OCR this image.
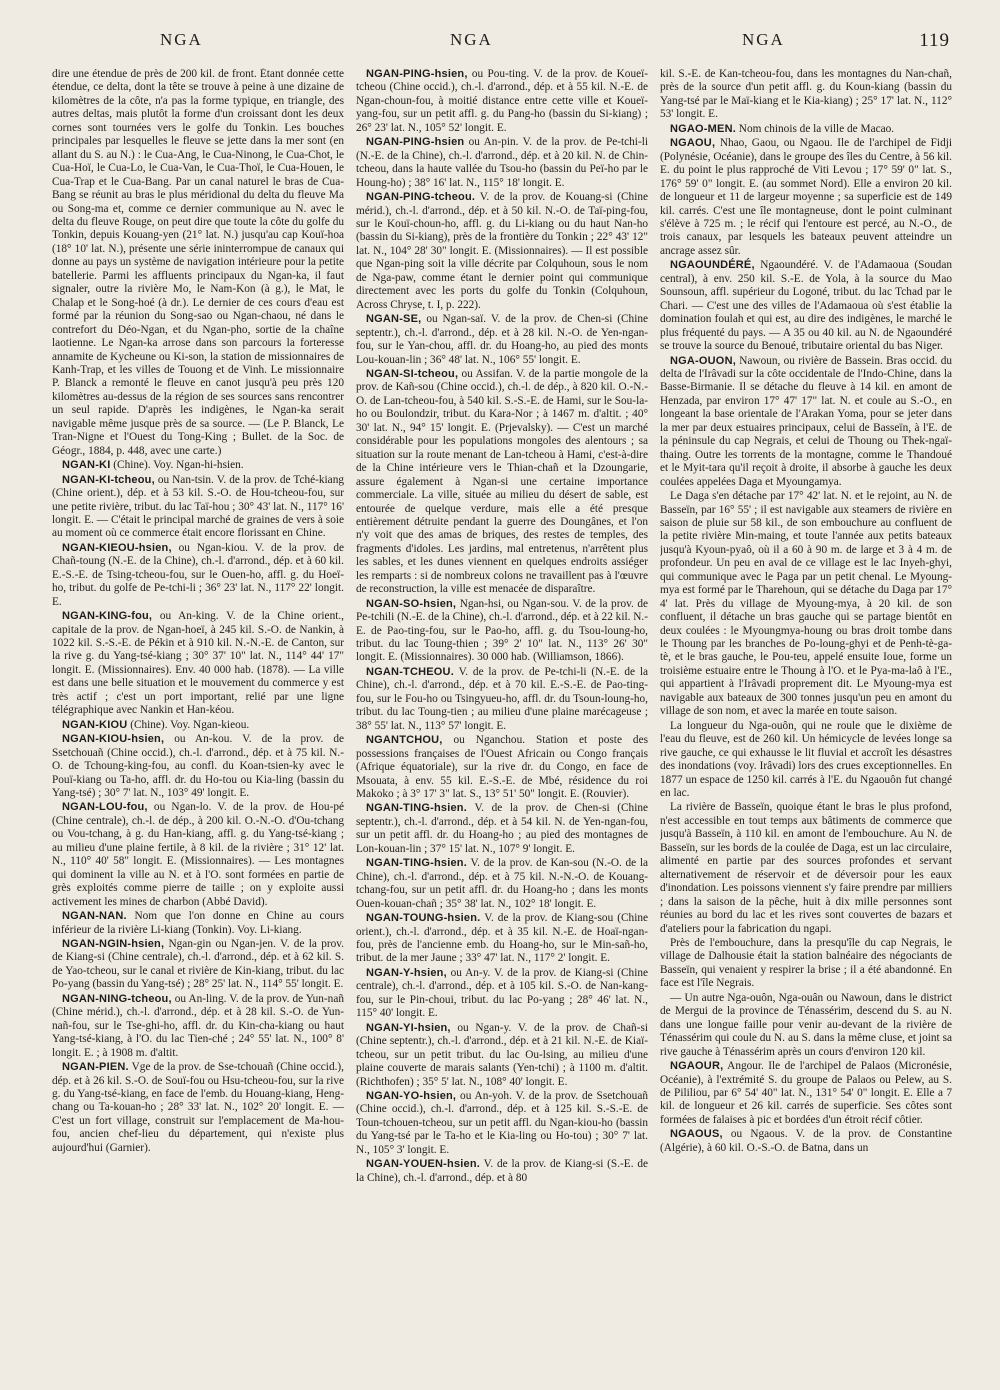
NGA	NGA	NGA	119

dire une étendue de près de 200 kil. de front. Étant donnée cette étendue, ce delta, dont la tête se trouve à peine à une dizaine de kilomètres de la côte, n'a pas la forme typique, en triangle, des autres deltas, mais plutôt la forme d'un croissant dont les deux cornes sont tournées vers le golfe du Tonkin. Les bouches principales par lesquelles le fleuve se jette dans la mer sont (en allant du S. au N.) : le Cua-Ang, le Cua-Ninong, le Cua-Chot, le Cua-Hoï, le Cua-Lo, le Cua-Van, le Cua-Thoï, le Cua-Houen, le Cua-Trap et le Cua-Bang. Par un canal naturel le bras de Cua-Bang se réunit au bras le plus méridional du delta du fleuve Ma ou Song-ma et, comme ce dernier communique au N. avec le delta du fleuve Rouge, on peut dire que toute la côte du golfe du Tonkin, depuis Kouang-yen (21° lat. N.) jusqu'au cap Kouï-hoa (18° 10' lat. N.), présente une série ininterrompue de canaux qui donne au pays un système de navigation intérieure pour la petite batellerie. Parmi les affluents principaux du Ngan-ka, il faut signaler, outre la rivière Mo, le Nam-Kon (à g.), le Mat, le Chalap et le Song-hoé (à dr.). Le dernier de ces cours d'eau est formé par la réunion du Song-sao ou Ngan-chaou, né dans le contrefort du Déo-Ngan, et du Ngan-pho, sortie de la chaîne laotienne. Le Ngan-ka arrose dans son parcours la forteresse annamite de Kycheune ou Ki-son, la station de missionnaires de Kanh-Trap, et les villes de Touong et de Vinh. Le missionnaire P. Blanck a remonté le fleuve en canot jusqu'à peu près 120 kilomètres au-dessus de la région de ses sources sans rencontrer un seul rapide. D'après les indigènes, le Ngan-ka serait navigable même jusque près de sa source. — (Le P. Blanck, Le Tran-Nigne et l'Ouest du Tong-King ; Bullet. de la Soc. de Géogr., 1884, p. 448, avec une carte.)

NGAN-KI (Chine). Voy. Ngan-hi-hsien.

NGAN-KI-tcheou, ou Nan-tsin. V. de la prov. de Tché-kiang (Chine orient.), dép. et à 53 kil. S.-O. de Hou-tcheou-fou, sur une petite rivière, tribut. du lac Taï-hou ; 30° 43' lat. N., 117° 16' longit. E. — C'était le principal marché de graines de vers à soie au moment où ce commerce était encore florissant en Chine.

NGAN-KIEOU-hsien, ou Ngan-kiou. V. de la prov. de Chañ-toung (N.-E. de la Chine), ch.-l. d'arrond., dép. et à 60 kil. E.-S.-E. de Tsing-tcheou-fou, sur le Ouen-ho, affl. g. du Hoeï-ho, tribut. du golfe de Pe-tchi-li ; 36° 23' lat. N., 117° 22' longit. E.

NGAN-KING-fou, ou An-king. V. de la Chine orient., capitale de la prov. de Ngan-hoeï, à 245 kil. S.-O. de Nankin, à 1022 kil. S.-S.-E. de Pékin et à 910 kil. N.-N.-E. de Canton, sur la rive g. du Yang-tsé-kiang ; 30° 37' 10" lat. N., 114° 44' 17" longit. E. (Missionnaires). Env. 40 000 hab. (1878). — La ville est dans une belle situation et le mouvement du commerce y est très actif ; c'est un port important, relié par une ligne télégraphique avec Nankin et Han-kéou.

NGAN-KIOU (Chine). Voy. Ngan-kieou.

NGAN-KIOU-hsien, ou An-kou. V. de la prov. de Ssetchouañ (Chine occid.), ch.-l. d'arrond., dép. et à 75 kil. N.-O. de Tchoung-king-fou, au confl. du Koan-tsien-ky avec le Pouï-kiang ou Ta-ho, affl. dr. du Ho-tou ou Kia-ling (bassin du Yang-tsé) ; 30° 7' lat. N., 103° 49' longit. E.

NGAN-LOU-fou, ou Ngan-lo. V. de la prov. de Hou-pé (Chine centrale), ch.-l. de dép., à 200 kil. O.-N.-O. d'Ou-tchang ou Vou-tchang, à g. du Han-kiang, affl. g. du Yang-tsé-kiang ; au milieu d'une plaine fertile, à 8 kil. de la rivière ; 31° 12' lat. N., 110° 40' 58" longit. E. (Missionnaires). — Les montagnes qui dominent la ville au N. et à l'O. sont formées en partie de grès exploités comme pierre de taille ; on y exploite aussi activement les mines de charbon (Abbé David).

NGAN-NAN. Nom que l'on donne en Chine au cours inférieur de la rivière Li-kiang (Tonkin). Voy. Li-kiang.

NGAN-NGIN-hsien, Ngan-gin ou Ngan-jen. V. de la prov. de Kiang-si (Chine centrale), ch.-l. d'arrond., dép. et à 62 kil. S. de Yao-tcheou, sur le canal et rivière de Kin-kiang, tribut. du lac Po-yang (bassin du Yang-tsé) ; 28° 25' lat. N., 114° 55' longit. E.

NGAN-NING-tcheou, ou An-ling. V. de la prov. de Yun-nañ (Chine mérid.), ch.-l. d'arrond., dép. et à 28 kil. S.-O. de Yun-nañ-fou, sur le Tse-ghi-ho, affl. dr. du Kin-cha-kiang ou haut Yang-tsé-kiang, à l'O. du lac Tien-ché ; 24° 55' lat. N., 100° 8' longit. E. ; à 1908 m. d'altit.

NGAN-PIEN. Vge de la prov. de Sse-tchouañ (Chine occid.), dép. et à 26 kil. S.-O. de Souï-fou ou Hsu-tcheou-fou, sur la rive g. du Yang-tsé-kiang, en face de l'emb. du Houang-kiang, Heng-chang ou Ta-kouan-ho ; 28° 33' lat. N., 102° 20' longit. E. — C'est un fort village, construit sur l'emplacement de Ma-hou-fou, ancien chef-lieu du département, qui n'existe plus aujourd'hui (Garnier).

NGAN-PING-hsien, ou Pou-ting. V. de la prov. de Koueï-tcheou (Chine occid.), ch.-l. d'arrond., dép. et à 55 kil. N.-E. de Ngan-choun-fou, à moitié distance entre cette ville et Koueï-yang-fou, sur un petit affl. g. du Pang-ho (bassin du Si-kiang) ; 26° 23' lat. N., 105° 52' longit. E.

NGAN-PING-hsien ou An-pin. V. de la prov. de Pe-tchi-li (N.-E. de la Chine), ch.-l. d'arrond., dép. et à 20 kil. N. de Chin-tcheou, dans la haute vallée du Tsou-ho (bassin du Peï-ho par le Houng-ho) ; 38° 16' lat. N., 115° 18' longit. E.

NGAN-PING-tcheou. V. de la prov. de Kouang-si (Chine mérid.), ch.-l. d'arrond., dép. et à 50 kil. N.-O. de Taï-ping-fou, sur le Kouï-choun-ho, affl. g. du Li-kiang ou du haut Nan-ho (bassin du Si-kiang), près de la frontière du Tonkin ; 22° 43' 12" lat. N., 104° 28' 30" longit. E. (Missionnaires). — Il est possible que Ngan-ping soit la ville décrite par Colquhoun, sous le nom de Nga-paw, comme étant le dernier point qui communique directement avec les ports du golfe du Tonkin (Colquhoun, Across Chryse, t. I, p. 222).

NGAN-SE, ou Ngan-saï. V. de la prov. de Chen-si (Chine septentr.), ch.-l. d'arrond., dép. et à 28 kil. N.-O. de Yen-ngan-fou, sur le Yan-chou, affl. dr. du Hoang-ho, au pied des monts Lou-kouan-lin ; 36° 48' lat. N., 106° 55' longit. E.

NGAN-SI-tcheou, ou Assifan. V. de la partie mongole de la prov. de Kañ-sou (Chine occid.), ch.-l. de dép., à 820 kil. O.-N.-O. de Lan-tcheou-fou, à 540 kil. S.-S.-E. de Hami, sur le Sou-la-ho ou Boulondzir, tribut. du Kara-Nor ; à 1467 m. d'altit. ; 40° 30' lat. N., 94° 15' longit. E. (Prjevalsky). — C'est un marché considérable pour les populations mongoles des alentours ; sa situation sur la route menant de Lan-tcheou à Hami, c'est-à-dire de la Chine intérieure vers le Thian-chañ et la Dzoungarie, assure également à Ngan-si une certaine importance commerciale. La ville, située au milieu du désert de sable, est entourée de quelque verdure, mais elle a été presque entièrement détruite pendant la guerre des Doungânes, et l'on n'y voit que des amas de briques, des restes de temples, des fragments d'idoles. Les jardins, mal entretenus, n'arrêtent plus les sables, et les dunes viennent en quelques endroits assiéger les remparts : si de nombreux colons ne travaillent pas à l'œuvre de reconstruction, la ville est menacée de disparaître.

NGAN-SO-hsien, Ngan-hsi, ou Ngan-sou. V. de la prov. de Pe-tchili (N.-E. de la Chine), ch.-l. d'arrond., dép. et à 22 kil. N.-E. de Pao-ting-fou, sur le Pao-ho, affl. g. du Tsou-loung-ho, tribut. du lac Toung-thien ; 39° 2' 10" lat. N., 113° 26' 30" longit. E. (Missionnaires). 30 000 hab. (Williamson, 1866).

NGAN-TCHEOU. V. de la prov. de Pe-tchi-li (N.-E. de la Chine), ch.-l. d'arrond., dép. et à 70 kil. E.-S.-E. de Pao-ting-fou, sur le Fou-ho ou Tsingyueu-ho, affl. dr. du Tsoun-loung-ho, tribut. du lac Toung-tien ; au milieu d'une plaine marécageuse ; 38° 55' lat. N., 113° 57' longit. E.

NGANTCHOU, ou Nganchou. Station et poste des possessions françaises de l'Ouest Africain ou Congo français (Afrique équatoriale), sur la rive dr. du Congo, en face de Msouata, à env. 55 kil. E.-S.-E. de Mbé, résidence du roi Makoko ; à 3° 17' 3" lat. S., 13° 51' 50" longit. E. (Rouvier).

NGAN-TING-hsien. V. de la prov. de Chen-si (Chine septentr.), ch.-l. d'arrond., dép. et à 54 kil. N. de Yen-ngan-fou, sur un petit affl. dr. du Hoang-ho ; au pied des montagnes de Lon-kouan-lin ; 37° 15' lat. N., 107° 9' longit. E.

NGAN-TING-hsien. V. de la prov. de Kan-sou (N.-O. de la Chine), ch.-l. d'arrond., dép. et à 75 kil. N.-N.-O. de Kouang-tchang-fou, sur un petit affl. dr. du Hoang-ho ; dans les monts Ouen-kouan-chañ ; 35° 38' lat. N., 102° 18' longit. E.

NGAN-TOUNG-hsien. V. de la prov. de Kiang-sou (Chine orient.), ch.-l. d'arrond., dép. et à 35 kil. N.-E. de Hoaï-ngan-fou, près de l'ancienne emb. du Hoang-ho, sur le Min-sañ-ho, tribut. de la mer Jaune ; 33° 47' lat. N., 117° 2' longit. E.

NGAN-Y-hsien, ou An-y. V. de la prov. de Kiang-si (Chine centrale), ch.-l. d'arrond., dép. et à 105 kil. S.-O. de Nan-kang-fou, sur le Pin-choui, tribut. du lac Po-yang ; 28° 46' lat. N., 115° 40' longit. E.

NGAN-YI-hsien, ou Ngan-y. V. de la prov. de Chañ-si (Chine septentr.), ch.-l. d'arrond., dép. et à 21 kil. N.-E. de Kiaï-tcheou, sur un petit tribut. du lac Ou-lsing, au milieu d'une plaine couverte de marais salants (Yen-tchi) ; à 1100 m. d'altit. (Richthofen) ; 35° 5' lat. N., 108° 40' longit. E.

NGAN-YO-hsien, ou An-yoh. V. de la prov. de Ssetchouañ (Chine occid.), ch.-l. d'arrond., dép. et à 125 kil. S.-S.-E. de Toun-tchouen-tcheou, sur un petit affl. du Ngan-kiou-ho (bassin du Yang-tsé par le Ta-ho et le Kia-ling ou Ho-tou) ; 30° 7' lat. N., 105° 3' longit. E.

NGAN-YOUEN-hsien. V. de la prov. de Kiang-si (S.-E. de la Chine), ch.-l. d'arrond., dép. et à 80

kil. S.-E. de Kan-tcheou-fou, dans les montagnes du Nan-chañ, près de la source d'un petit affl. g. du Koun-kiang (bassin du Yang-tsé par le Maï-kiang et le Kia-kiang) ; 25° 17' lat. N., 112° 53' longit. E.

NGAO-MEN. Nom chinois de la ville de Macao.

NGAOU, Nhao, Gaou, ou Ngaou. Ile de l'archipel de Fidji (Polynésie, Océanie), dans le groupe des îles du Centre, à 56 kil. E. du point le plus rapproché de Viti Levou ; 17° 59' 0" lat. S., 176° 59' 0" longit. E. (au sommet Nord). Elle a environ 20 kil. de longueur et 11 de largeur moyenne ; sa superficie est de 149 kil. carrés. C'est une île montagneuse, dont le point culminant s'élève à 725 m. ; le récif qui l'entoure est percé, au N.-O., de trois canaux, par lesquels les bateaux peuvent atteindre un ancrage assez sûr.

NGAOUNDÉRÉ, Ngaoundéré. V. de l'Adamaoua (Soudan central), à env. 250 kil. S.-E. de Yola, à la source du Mao Sounsoun, affl. supérieur du Logoné, tribut. du lac Tchad par le Chari. — C'est une des villes de l'Adamaoua où s'est établie la domination foulah et qui est, au dire des indigènes, le marché le plus fréquenté du pays. — A 35 ou 40 kil. au N. de Ngaoundéré se trouve la source du Benoué, tributaire oriental du bas Niger.

NGA-OUON, Nawoun, ou rivière de Bassein. Bras occid. du delta de l'Irâvadi sur la côte occidentale de l'Indo-Chine, dans la Basse-Birmanie. Il se détache du fleuve à 14 kil. en amont de Henzada, par environ 17° 47' 17" lat. N. et coule au S.-O., en longeant la base orientale de l'Arakan Yoma, pour se jeter dans la mer par deux estuaires principaux, celui de Basseïn, à l'E. de la péninsule du cap Negrais, et celui de Thoung ou Thek-ngaï-thaing. Outre les torrents de la montagne, comme le Thandoué et le Myit-tara qu'il reçoit à droite, il absorbe à gauche les deux coulées appelées Daga et Myoungamya.

Le Daga s'en détache par 17° 42' lat. N. et le rejoint, au N. de Basseïn, par 16° 55' ; il est navigable aux steamers de rivière en saison de pluie sur 58 kil., de son embouchure au confluent de la petite rivière Min-maing, et toute l'année aux petits bateaux jusqu'à Kyoun-pyaô, où il a 60 à 90 m. de large et 3 à 4 m. de profondeur. Un peu en aval de ce village est le lac Inyeh-ghyi, qui communique avec le Paga par un petit chenal. Le Myoung-mya est formé par le Tharehoun, qui se détache du Daga par 17° 4' lat. Près du village de Myoung-mya, à 20 kil. de son confluent, il détache un bras gauche qui se partage bientôt en deux coulées : le Myoungmya-houng ou bras droit tombe dans le Thoung par les branches de Po-loung-ghyi et de Penh-tè-ga-tè, et le bras gauche, le Pou-teu, appelé ensuite Ioue, forme un troisième estuaire entre le Thoung à l'O. et le Pya-ma-laô à l'E., qui appartient à l'Irâvadi proprement dit. Le Myoung-mya est navigable aux bateaux de 300 tonnes jusqu'un peu en amont du village de son nom, et avec la marée en toute saison.

La longueur du Nga-ouôn, qui ne roule que le dixième de l'eau du fleuve, est de 260 kil. Un hémicycle de levées longe sa rive gauche, ce qui exhausse le lit fluvial et accroît les désastres des inondations (voy. Irâvadi) lors des crues exceptionnelles. En 1877 un espace de 1250 kil. carrés à l'E. du Ngaouôn fut changé en lac.

La rivière de Basseïn, quoique étant le bras le plus profond, n'est accessible en tout temps aux bâtiments de commerce que jusqu'à Basseïn, à 110 kil. en amont de l'embouchure. Au N. de Basseïn, sur les bords de la coulée de Daga, est un lac circulaire, alimenté en partie par des sources profondes et servant alternativement de réservoir et de déversoir pour les eaux d'inondation. Les poissons viennent s'y faire prendre par milliers ; dans la saison de la pêche, huit à dix mille personnes sont réunies au bord du lac et les rives sont couvertes de bazars et d'ateliers pour la fabrication du ngapi.

Près de l'embouchure, dans la presqu'île du cap Negrais, le village de Dalhousie était la station balnéaire des négociants de Basseïn, qui venaient y respirer la brise ; il a été abandonné. En face est l'île Negrais.

— Un autre Nga-ouôn, Nga-ouân ou Nawoun, dans le district de Mergui de la province de Ténassérim, descend du S. au N. dans une longue faille pour venir au-devant de la rivière de Ténassérim qui coule du N. au S. dans la même cluse, et joint sa rive gauche à Ténassérim après un cours d'environ 120 kil.

NGAOUR, Angour. Ile de l'archipel de Palaos (Micronésie, Océanie), à l'extrémité S. du groupe de Palaos ou Pelew, au S. de Pililiou, par 6° 54' 40" lat. N., 131° 54' 0" longit. E. Elle a 7 kil. de longueur et 26 kil. carrés de superficie. Ses côtes sont formées de falaises à pic et bordées d'un étroit récif côtier.

NGAOUS, ou Ngaous. V. de la prov. de Constantine (Algérie), à 60 kil. O.-S.-O. de Batna, dans un
